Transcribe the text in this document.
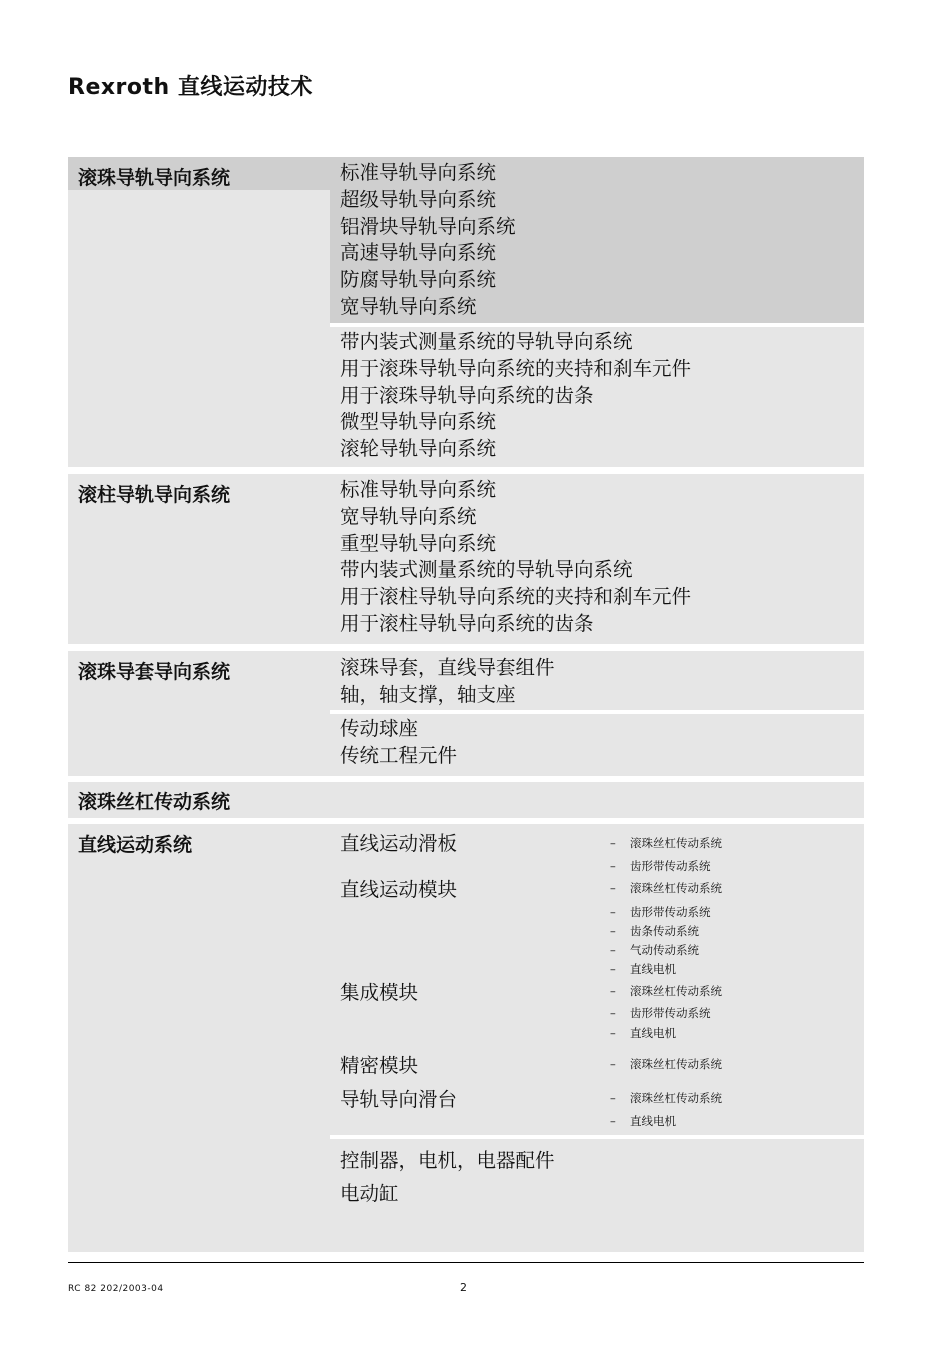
Rexroth 直线运动技术
滚珠导轨导向系统	标准导轨导向系统
超级导轨导向系统
铝滑块导轨导向系统
高速导轨导向系统
防腐导轨导向系统
宽导轨导向系统
带内装式测量系统的导轨导向系统
用于滚珠导轨导向系统的夹持和刹车元件
用于滚珠导轨导向系统的齿条
微型导轨导向系统
滚轮导轨导向系统
滚柱导轨导向系统	标准导轨导向系统
宽导轨导向系统
重型导轨导向系统
带内装式测量系统的导轨导向系统
用于滚柱导轨导向系统的夹持和刹车元件
用于滚柱导轨导向系统的齿条
滚珠导套导向系统	滚珠导套，直线导套组件
轴，轴支撑，轴支座
传动球座
传统工程元件
滚珠丝杠传动系统
直线运动系统	直线运动滑板	– 滚珠丝杠传动系统
– 齿形带传动系统
直线运动模块	– 滚珠丝杠传动系统
– 齿形带传动系统
– 齿条传动系统
– 气动传动系统
– 直线电机
集成模块	– 滚珠丝杠传动系统
– 齿形带传动系统
– 直线电机
精密模块	– 滚珠丝杠传动系统
导轨导向滑台	– 滚珠丝杠传动系统
– 直线电机
控制器，电机，电器配件
电动缸
RC 82 202/2003-04	2
